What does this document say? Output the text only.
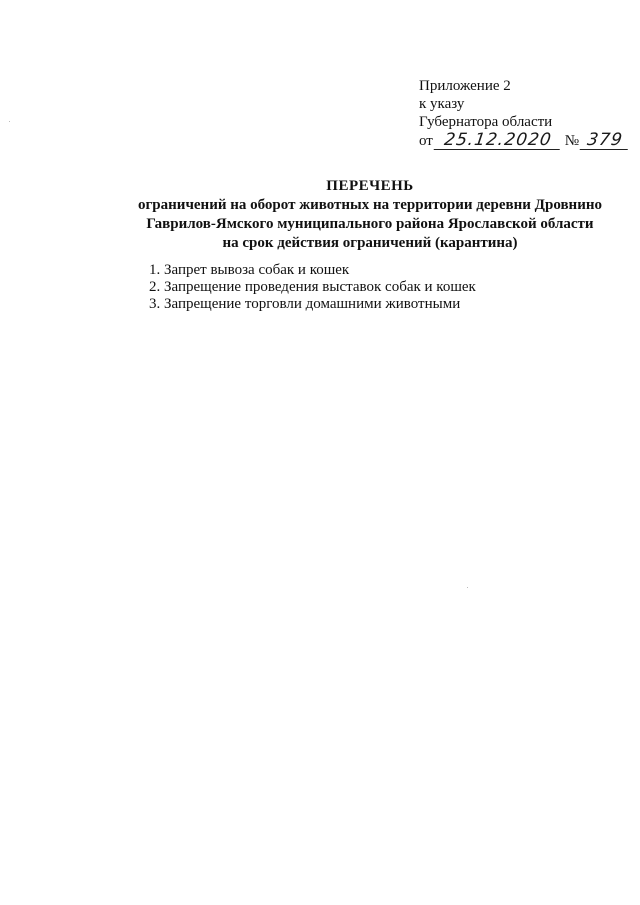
Приложение 2
к указу
Губернатора области
от 25.12.2020 № 379
ПЕРЕЧЕНЬ
ограничений на оборот животных на территории деревни Дровнино
Гаврилов-Ямского муниципального района Ярославской области
на срок действия ограничений (карантина)
1. Запрет вывоза собак и кошек
2. Запрещение проведения выставок собак и кошек
3. Запрещение торговли домашними животными
